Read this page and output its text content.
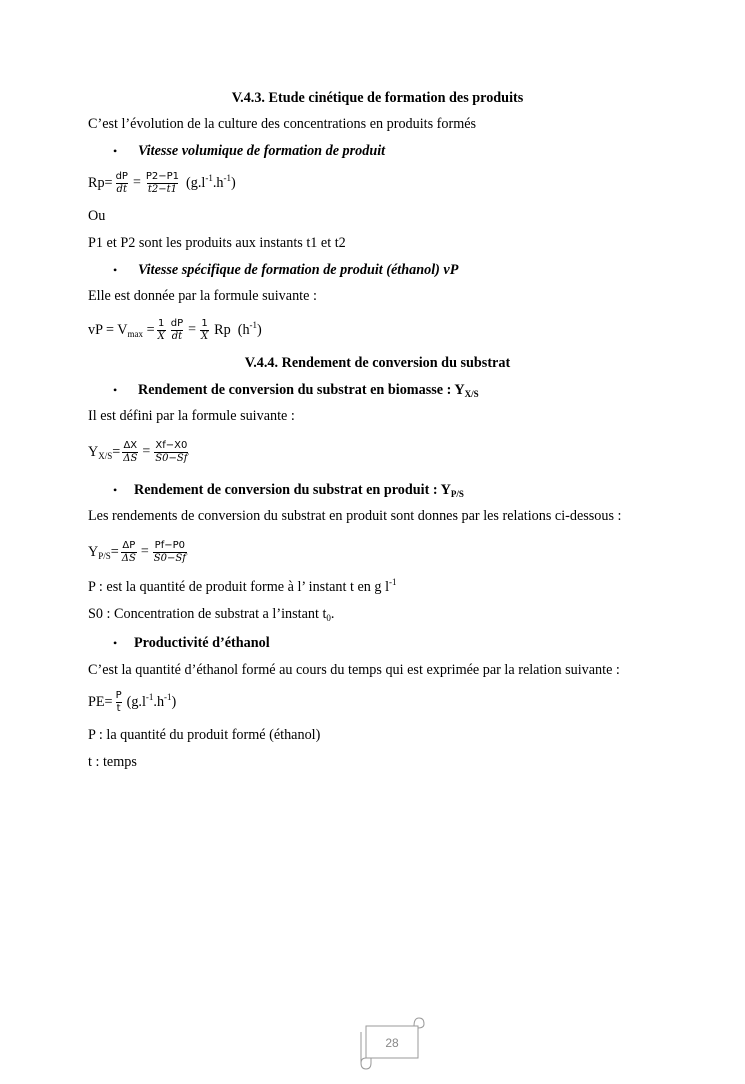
V.4.3. Etude cinétique de formation des produits
C’est l’évolution de la culture des concentrations en produits formés
• Vitesse volumique de formation de produit
$Rp= \frac{dP}{dt} = \frac{P2-P1}{t2-t1} (g.l^{-1}.h^{-1})$
Ou
P1 et P2 sont les produits aux instants t1 et t2
• Vitesse spécifique de formation de produit (éthanol) vP
Elle est donnée par la formule suivante :
vP = $V_{max} = \frac{1}{X} \frac{dP}{dt} = \frac{1}{X}$ Rp $(h^{-1})$
V.4.4. Rendement de conversion du substrat
• Rendement de conversion du substrat en biomasse : $Y_{X/S}$
Il est défini par la formule suivante :
$Y_{X/S}= \frac{\Delta X}{\Delta S} = \frac{Xf-X0}{S0-Sf}$
• Rendement de conversion du substrat en produit : $Y_{P/S}$
Les rendements de conversion du substrat en produit sont donnes par les relations ci-dessous :
$Y_{P/S}= \frac{\Delta P}{\Delta S} = \frac{Pf-P0}{S0-Sf}$
P : est la quantité de produit forme à l’ instant t en g $l^{-1}$
S0 : Concentration de substrat a l’instant $t_0$.
• Productivité d’éthanol
C’est la quantité d’éthanol formé au cours du temps qui est exprimée par la relation suivante :
$PE= \frac{P}{t} (g.l^{-1}.h^{-1})$
P : la quantité du produit formé (éthanol)
t : temps
28
